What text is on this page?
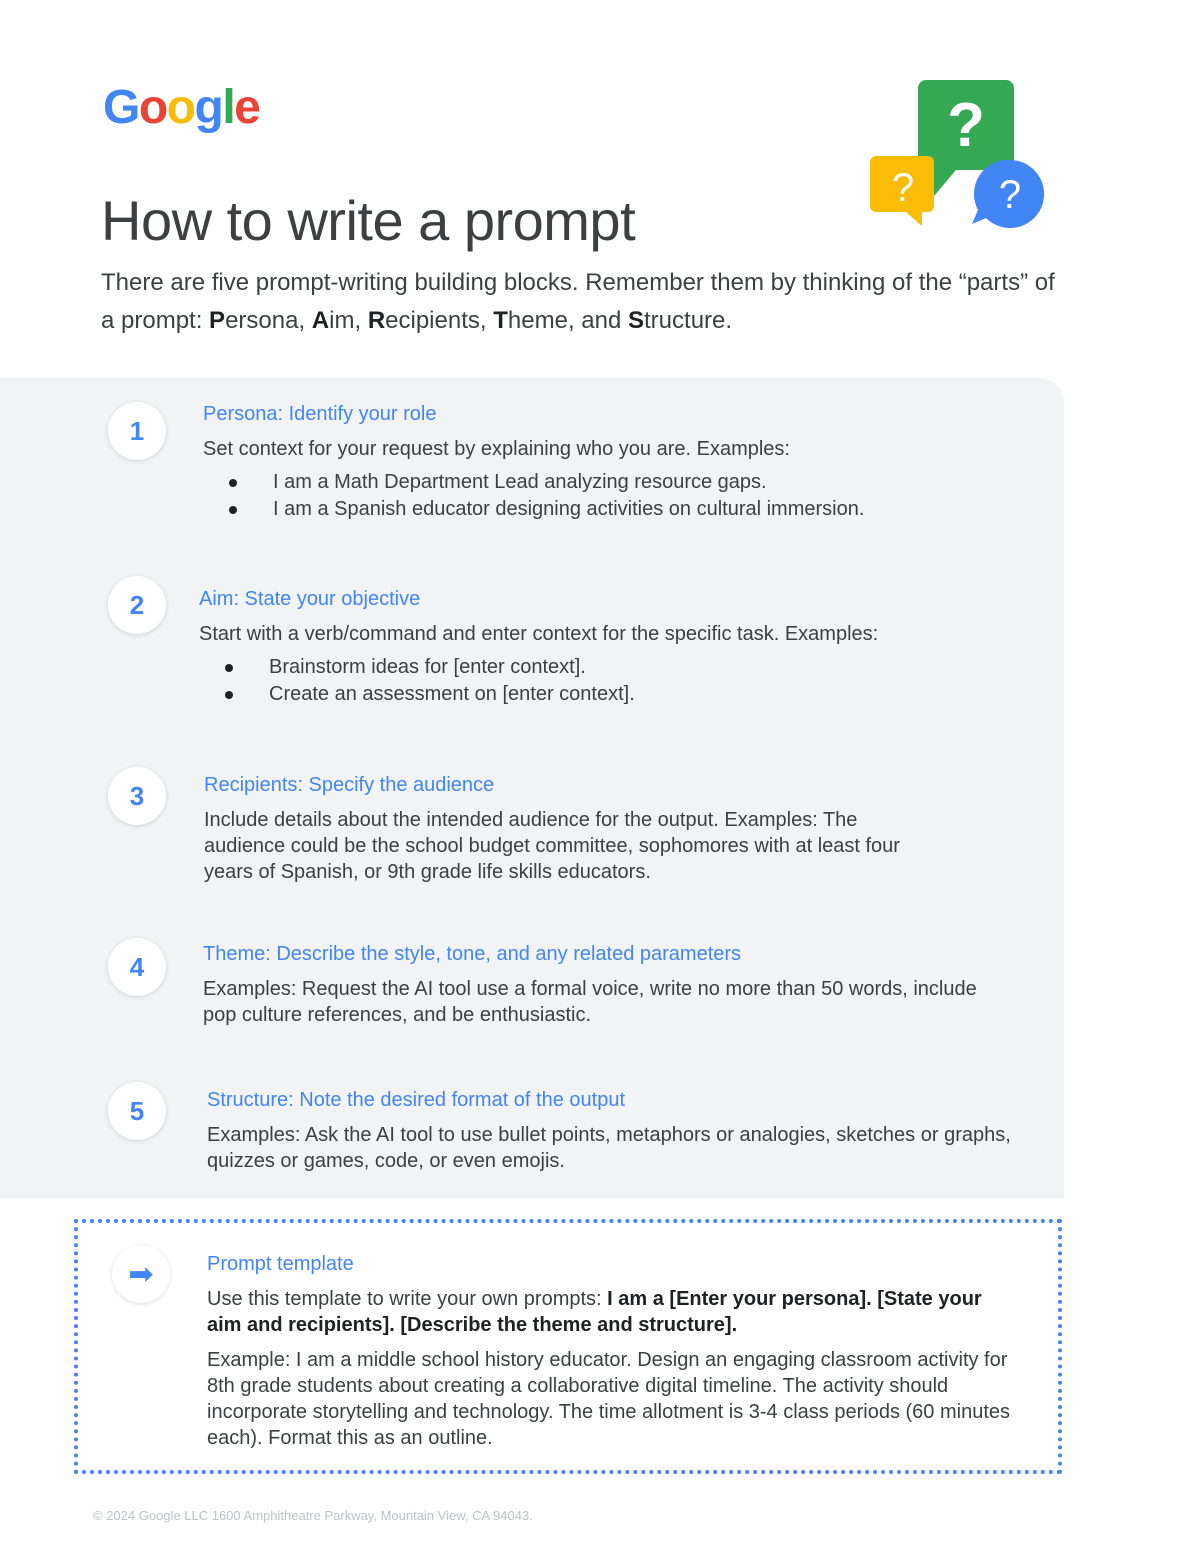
Google	?
? ?
How to write a prompt

There are five prompt-writing building blocks. Remember them by thinking of the “parts” of a prompt: Persona, Aim, Recipients, Theme, and Structure.

1
Persona: Identify your role

Set context for your request by explaining who you are. Examples:

I am a Math Department Lead analyzing resource gaps.
I am a Spanish educator designing activities on cultural immersion.
2	Aim: State your objective

Start with a verb/command and enter context for the specific task. Examples:

Brainstorm ideas for [enter context].
Create an assessment on [enter context].
3	Recipients: Specify the audience

Include details about the intended audience for the output. Examples: The audience could be the school budget committee, sophomores with at least four years of Spanish, or 9th grade life skills educators.

4	Theme: Describe the style, tone, and any related parameters

Examples: Request the AI tool use a formal voice, write no more than 50 words, include pop culture references, and be enthusiastic.

5	Structure: Note the desired format of the output

Examples: Ask the AI tool to use bullet points, metaphors or analogies, sketches or graphs, quizzes or games, code, or even emojis.

➡	Prompt template

Use this template to write your own prompts: I am a [Enter your persona]. [State your aim and recipients]. [Describe the theme and structure].

Example: I am a middle school history educator. Design an engaging classroom activity for 8th grade students about creating a collaborative digital timeline. The activity should incorporate storytelling and technology. The time allotment is 3-4 class periods (60 minutes each). Format this as an outline.

© 2024 Google LLC 1600 Amphitheatre Parkway, Mountain View, CA 94043.
